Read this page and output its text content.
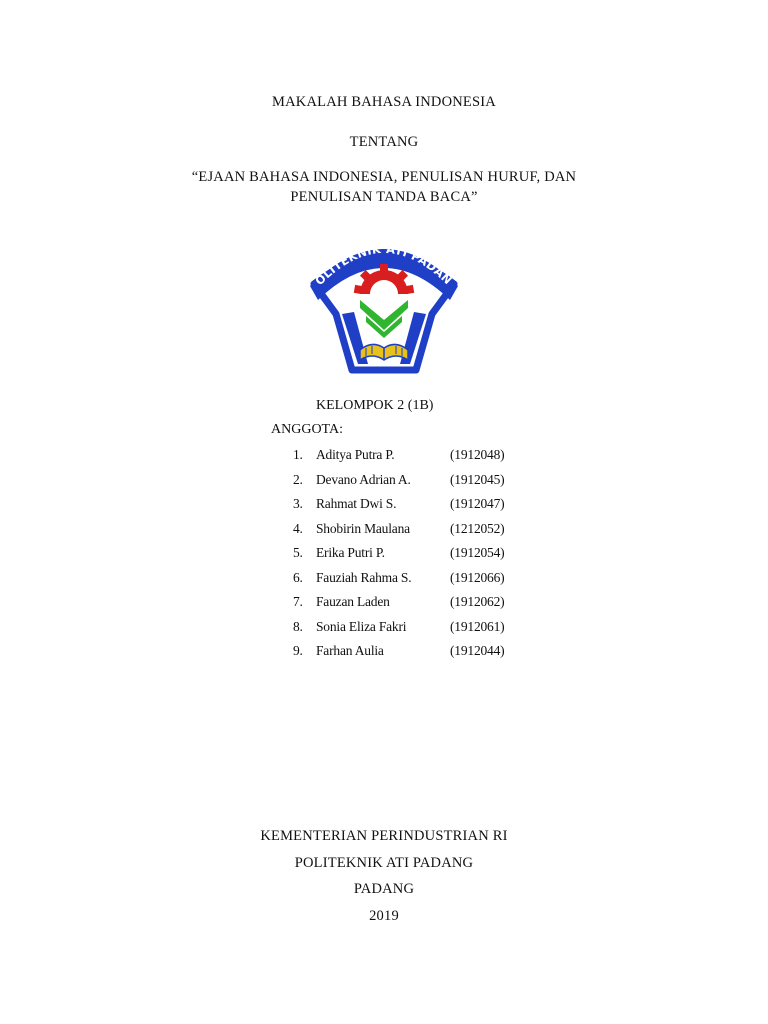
MAKALAH BAHASA INDONESIA
TENTANG
“EJAAN BAHASA INDONESIA, PENULISAN HURUF, DAN
PENULISAN TANDA BACA”
OLITEKNIK ATI PADAN
KELOMPOK 2 (1B)
ANGGOTA:
1. Aditya Putra P.	(1912048)
2. Devano Adrian A.	(1912045)
3. Rahmat Dwi S.	(1912047)
4. Shobirin Maulana	(1212052)
5. Erika Putri P.	(1912054)
6. Fauziah Rahma S.	(1912066)
7. Fauzan Laden	(1912062)
8. Sonia Eliza Fakri	(1912061)
9. Farhan Aulia	(1912044)
KEMENTERIAN PERINDUSTRIAN RI
POLITEKNIK ATI PADANG
PADANG
2019
